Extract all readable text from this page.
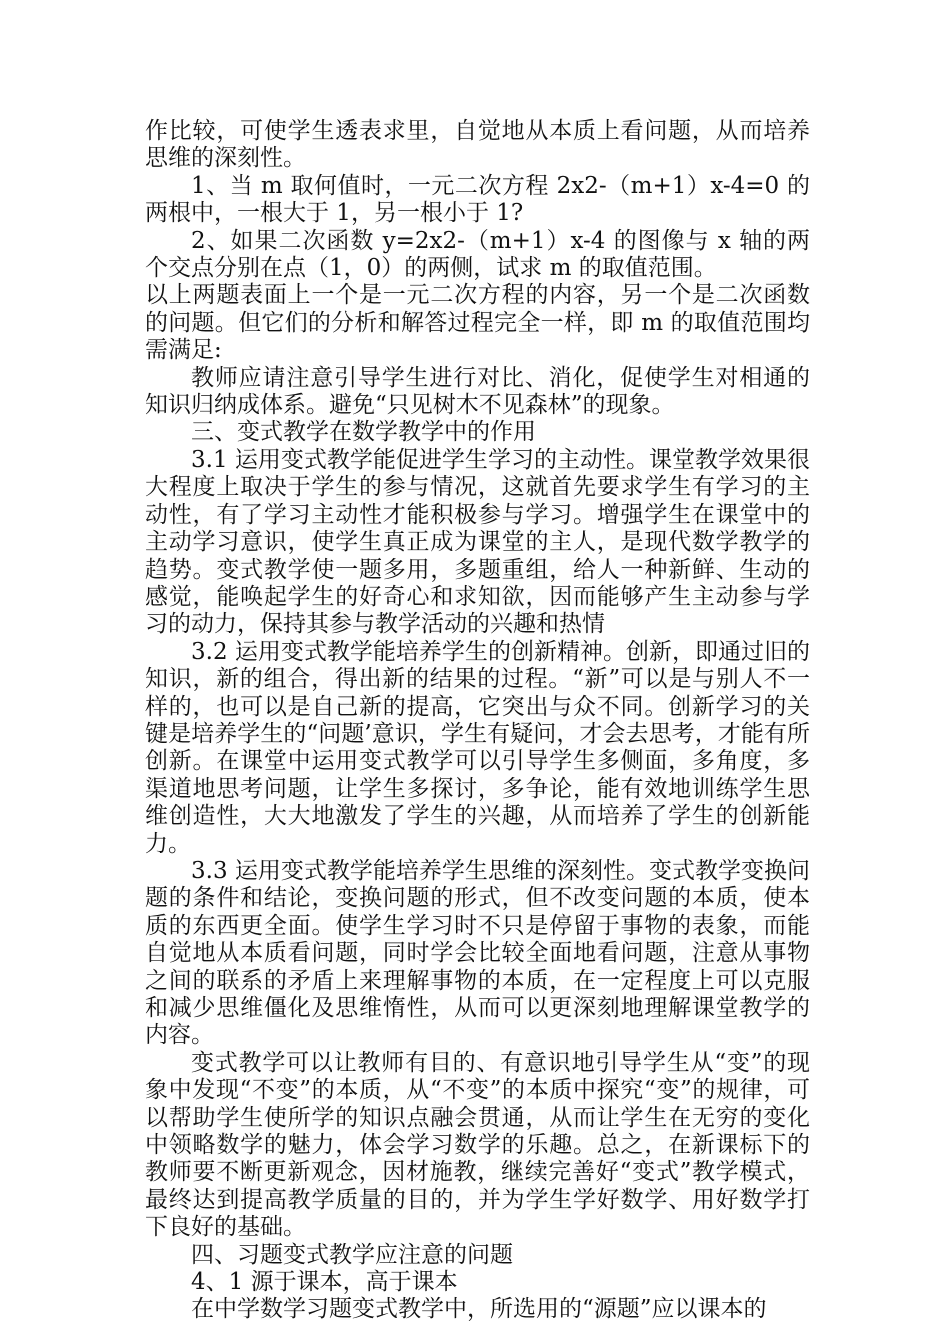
作比较，可使学生透表求里，自觉地从本质上看问题，从而培养思维的深刻性。

1、当 m 取何值时，一元二次方程 2x2-（m+1）x-4=0 的两根中，一根大于 1，另一根小于 1?

2、如果二次函数 y=2x2-（m+1）x-4 的图像与 x 轴的两个交点分别在点（1，0）的两侧，试求 m 的取值范围。

以上两题表面上一个是一元二次方程的内容，另一个是二次函数的问题。但它们的分析和解答过程完全一样，即 m 的取值范围均需满足:

教师应请注意引导学生进行对比、消化，促使学生对相通的知识归纳成体系。避免“只见树木不见森林”的现象。

三、变式教学在数学教学中的作用

3.1 运用变式教学能促进学生学习的主动性。课堂教学效果很大程度上取决于学生的参与情况，这就首先要求学生有学习的主动性，有了学习主动性才能积极参与学习。增强学生在课堂中的主动学习意识，使学生真正成为课堂的主人，是现代数学教学的趋势。变式教学使一题多用，多题重组，给人一种新鲜、生动的感觉，能唤起学生的好奇心和求知欲，因而能够产生主动参与学习的动力，保持其参与教学活动的兴趣和热情

3.2 运用变式教学能培养学生的创新精神。创新，即通过旧的知识，新的组合，得出新的结果的过程。“新”可以是与别人不一样的，也可以是自己新的提高，它突出与众不同。创新学习的关键是培养学生的“问题’意识，学生有疑问，才会去思考，才能有所创新。在课堂中运用变式教学可以引导学生多侧面，多角度，多渠道地思考问题，让学生多探讨，多争论，能有效地训练学生思维创造性，大大地激发了学生的兴趣，从而培养了学生的创新能力。

3.3 运用变式教学能培养学生思维的深刻性。变式教学变换问题的条件和结论，变换问题的形式，但不改变问题的本质，使本质的东西更全面。使学生学习时不只是停留于事物的表象，而能自觉地从本质看问题，同时学会比较全面地看问题，注意从事物之间的联系的矛盾上来理解事物的本质，在一定程度上可以克服和减少思维僵化及思维惰性，从而可以更深刻地理解课堂教学的内容。

变式教学可以让教师有目的、有意识地引导学生从“变”的现象中发现“不变”的本质，从“不变”的本质中探究“变”的规律，可以帮助学生使所学的知识点融会贯通，从而让学生在无穷的变化中领略数学的魅力，体会学习数学的乐趣。总之，在新课标下的教师要不断更新观念，因材施教，继续完善好“变式”教学模式，最终达到提高教学质量的目的，并为学生学好数学、用好数学打下良好的基础。

四、习题变式教学应注意的问题

4、1 源于课本，高于课本

在中学数学习题变式教学中，所选用的“源题”应以课本的
